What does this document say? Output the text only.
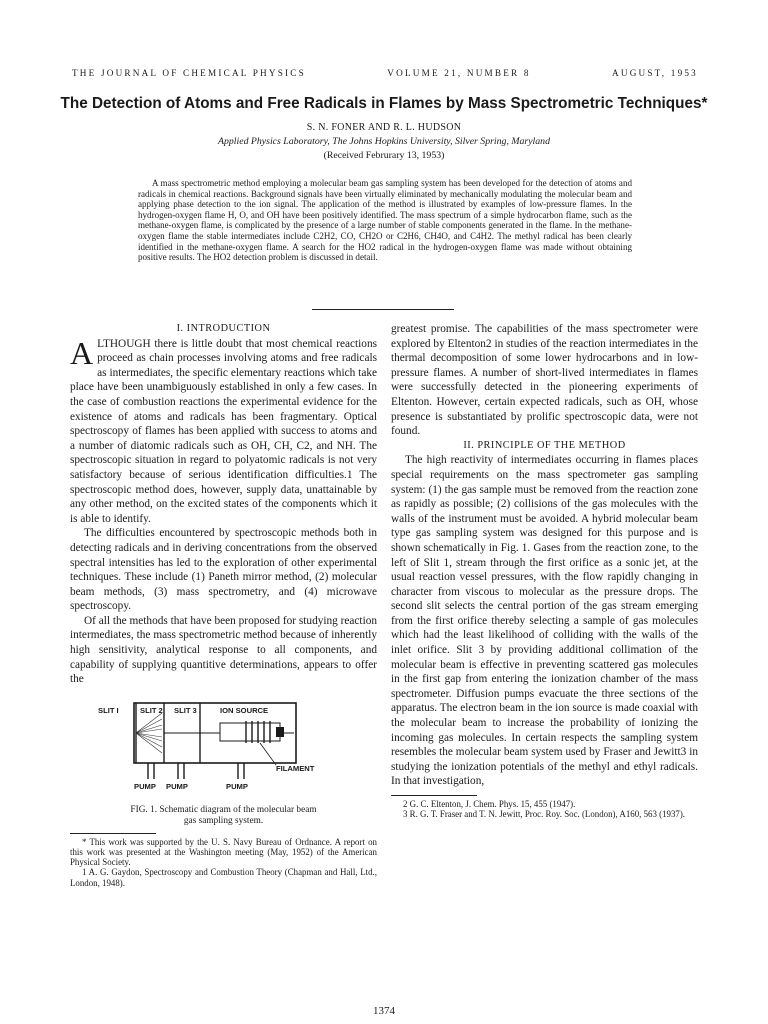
THE JOURNAL OF CHEMICAL PHYSICS	VOLUME 21, NUMBER 8	AUGUST, 1953
The Detection of Atoms and Free Radicals in Flames by Mass Spectrometric Techniques*
S. N. FONER AND R. L. HUDSON
Applied Physics Laboratory, The Johns Hopkins University, Silver Spring, Maryland
(Received Februrary 13, 1953)
A mass spectrometric method employing a molecular beam gas sampling system has been developed for the detection of atoms and radicals in chemical reactions. Background signals have been virtually eliminated by mechanically modulating the molecular beam and applying phase detection to the ion signal. The application of the method is illustrated by examples of low-pressure flames. In the hydrogen-oxygen flame H, O, and OH have been positively identified. The mass spectrum of a simple hydrocarbon flame, such as the methane-oxygen flame, is complicated by the presence of a large number of stable components generated in the flame. In the methane-oxygen flame the stable intermediates include C2H2, CO, CH2O or C2H6, CH4O, and C4H2. The methyl radical has been clearly identified in the methane-oxygen flame. A search for the HO2 radical in the hydrogen-oxygen flame was made without obtaining positive results. The HO2 detection problem is discussed in detail.

I. INTRODUCTION

ALTHOUGH there is little doubt that most chemical reactions proceed as chain processes involving atoms and free radicals as intermediates, the specific elementary reactions which take place have been unambiguously established in only a few cases. In the case of combustion reactions the experimental evidence for the existence of atoms and radicals has been fragmentary. Optical spectroscopy of flames has been applied with success to atoms and a number of diatomic radicals such as OH, CH, C2, and NH. The spectroscopic situation in regard to polyatomic radicals is not very satisfactory because of serious identification difficulties.1 The spectroscopic method does, however, supply data, unattainable by any other method, on the excited states of the components which it is able to identify.

The difficulties encountered by spectroscopic methods both in detecting radicals and in deriving concentrations from the observed spectral intensities has led to the exploration of other experimental techniques. These include (1) Paneth mirror method, (2) molecular beam methods, (3) mass spectrometry, and (4) microwave spectroscopy.

Of all the methods that have been proposed for studying reaction intermediates, the mass spectrometric method because of inherently high sensitivity, analytical response to all components, and capability of supplying quantitive determinations, appears to offer the

SLIT I	SLIT 2 SLIT 3	ION SOURCE
FILAMENT
PUMP PUMP	PUMP
FIG. 1. Schematic diagram of the molecular beam
gas sampling system.
* This work was supported by the U. S. Navy Bureau of Ordnance. A report on this work was presented at the Washington meeting (May, 1952) of the American Physical Society.
1 A. G. Gaydon, Spectroscopy and Combustion Theory (Chapman and Hall, Ltd., London, 1948).

greatest promise. The capabilities of the mass spectrometer were explored by Eltenton2 in studies of the reaction intermediates in the thermal decomposition of some lower hydrocarbons and in low-pressure flames. A number of short-lived intermediates in flames were successfully detected in the pioneering experiments of Eltenton. However, certain expected radicals, such as OH, whose presence is substantiated by prolific spectroscopic data, were not found.

II. PRINCIPLE OF THE METHOD

The high reactivity of intermediates occurring in flames places special requirements on the mass spectrometer gas sampling system: (1) the gas sample must be removed from the reaction zone as rapidly as possible; (2) collisions of the gas molecules with the walls of the instrument must be avoided. A hybrid molecular beam type gas sampling system was designed for this purpose and is shown schematically in Fig. 1. Gases from the reaction zone, to the left of Slit 1, stream through the first orifice as a sonic jet, at the usual reaction vessel pressures, with the flow rapidly changing in character from viscous to molecular as the pressure drops. The second slit selects the central portion of the gas stream emerging from the first orifice thereby selecting a sample of gas molecules which had the least likelihood of colliding with the walls of the inlet orifice. Slit 3 by providing additional collimation of the molecular beam is effective in preventing scattered gas molecules in the first gap from entering the ionization chamber of the mass spectrometer. Diffusion pumps evacuate the three sections of the apparatus. The electron beam in the ion source is made coaxial with the molecular beam to increase the probability of ionizing the incoming gas molecules. In certain respects the sampling system resembles the molecular beam system used by Fraser and Jewitt3 in studying the ionization potentials of the methyl and ethyl radicals. In that investigation,

2 G. C. Eltenton, J. Chem. Phys. 15, 455 (1947).
3 R. G. T. Fraser and T. N. Jewitt, Proc. Roy. Soc. (London), A160, 563 (1937).
1374
